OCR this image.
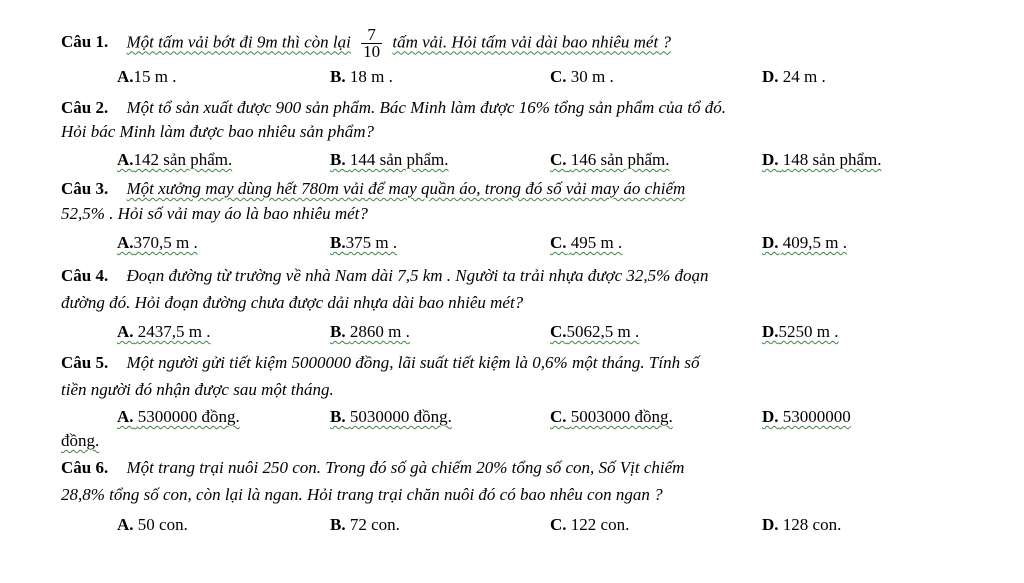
Câu 1. Một tấm vải bớt đi 9m thì còn lại $\frac{7}{10}$ tấm vải. Hỏi tấm vải dài bao nhiêu mét ?
A.15 m .	B. 18 m .	C. 30 m .	D. 24 m .
Câu 2. Một tổ sản xuất được 900 sản phẩm. Bác Minh làm được 16% tổng sản phẩm của tổ đó.
Hỏi bác Minh làm được bao nhiêu sản phẩm?
A.142 sản phẩm.	B. 144 sản phẩm.	C. 146 sản phẩm.	D. 148 sản phẩm.
Câu 3. Một xưởng may dùng hết 780m vải để may quần áo, trong đó số vải may áo chiếm
52,5% . Hỏi số vải may áo là bao nhiêu mét?
A.370,5 m .	B.375 m .	C. 495 m .	D. 409,5 m .
Câu 4. Đoạn đường từ trường về nhà Nam dài 7,5 km . Người ta trải nhựa được 32,5% đoạn
đường đó. Hỏi đoạn đường chưa được dải nhựa dài bao nhiêu mét?
A. 2437,5 m .	B. 2860 m .	C.5062,5 m .	D.5250 m .
Câu 5. Một người gửi tiết kiệm 5000000 đồng, lãi suất tiết kiệm là 0,6% một tháng. Tính số
tiền người đó nhận được sau một tháng.
A. 5300000 đồng.	B. 5030000 đồng.	C. 5003000 đồng.	D. 53000000
đồng.
Câu 6. Một trang trại nuôi 250 con. Trong đó số gà chiếm 20% tổng số con, Số Vịt chiếm
28,8% tổng số con, còn lại là ngan. Hỏi trang trại chăn nuôi đó có bao nhêu con ngan ?
A. 50 con.	B. 72 con.	C. 122 con.	D. 128 con.
